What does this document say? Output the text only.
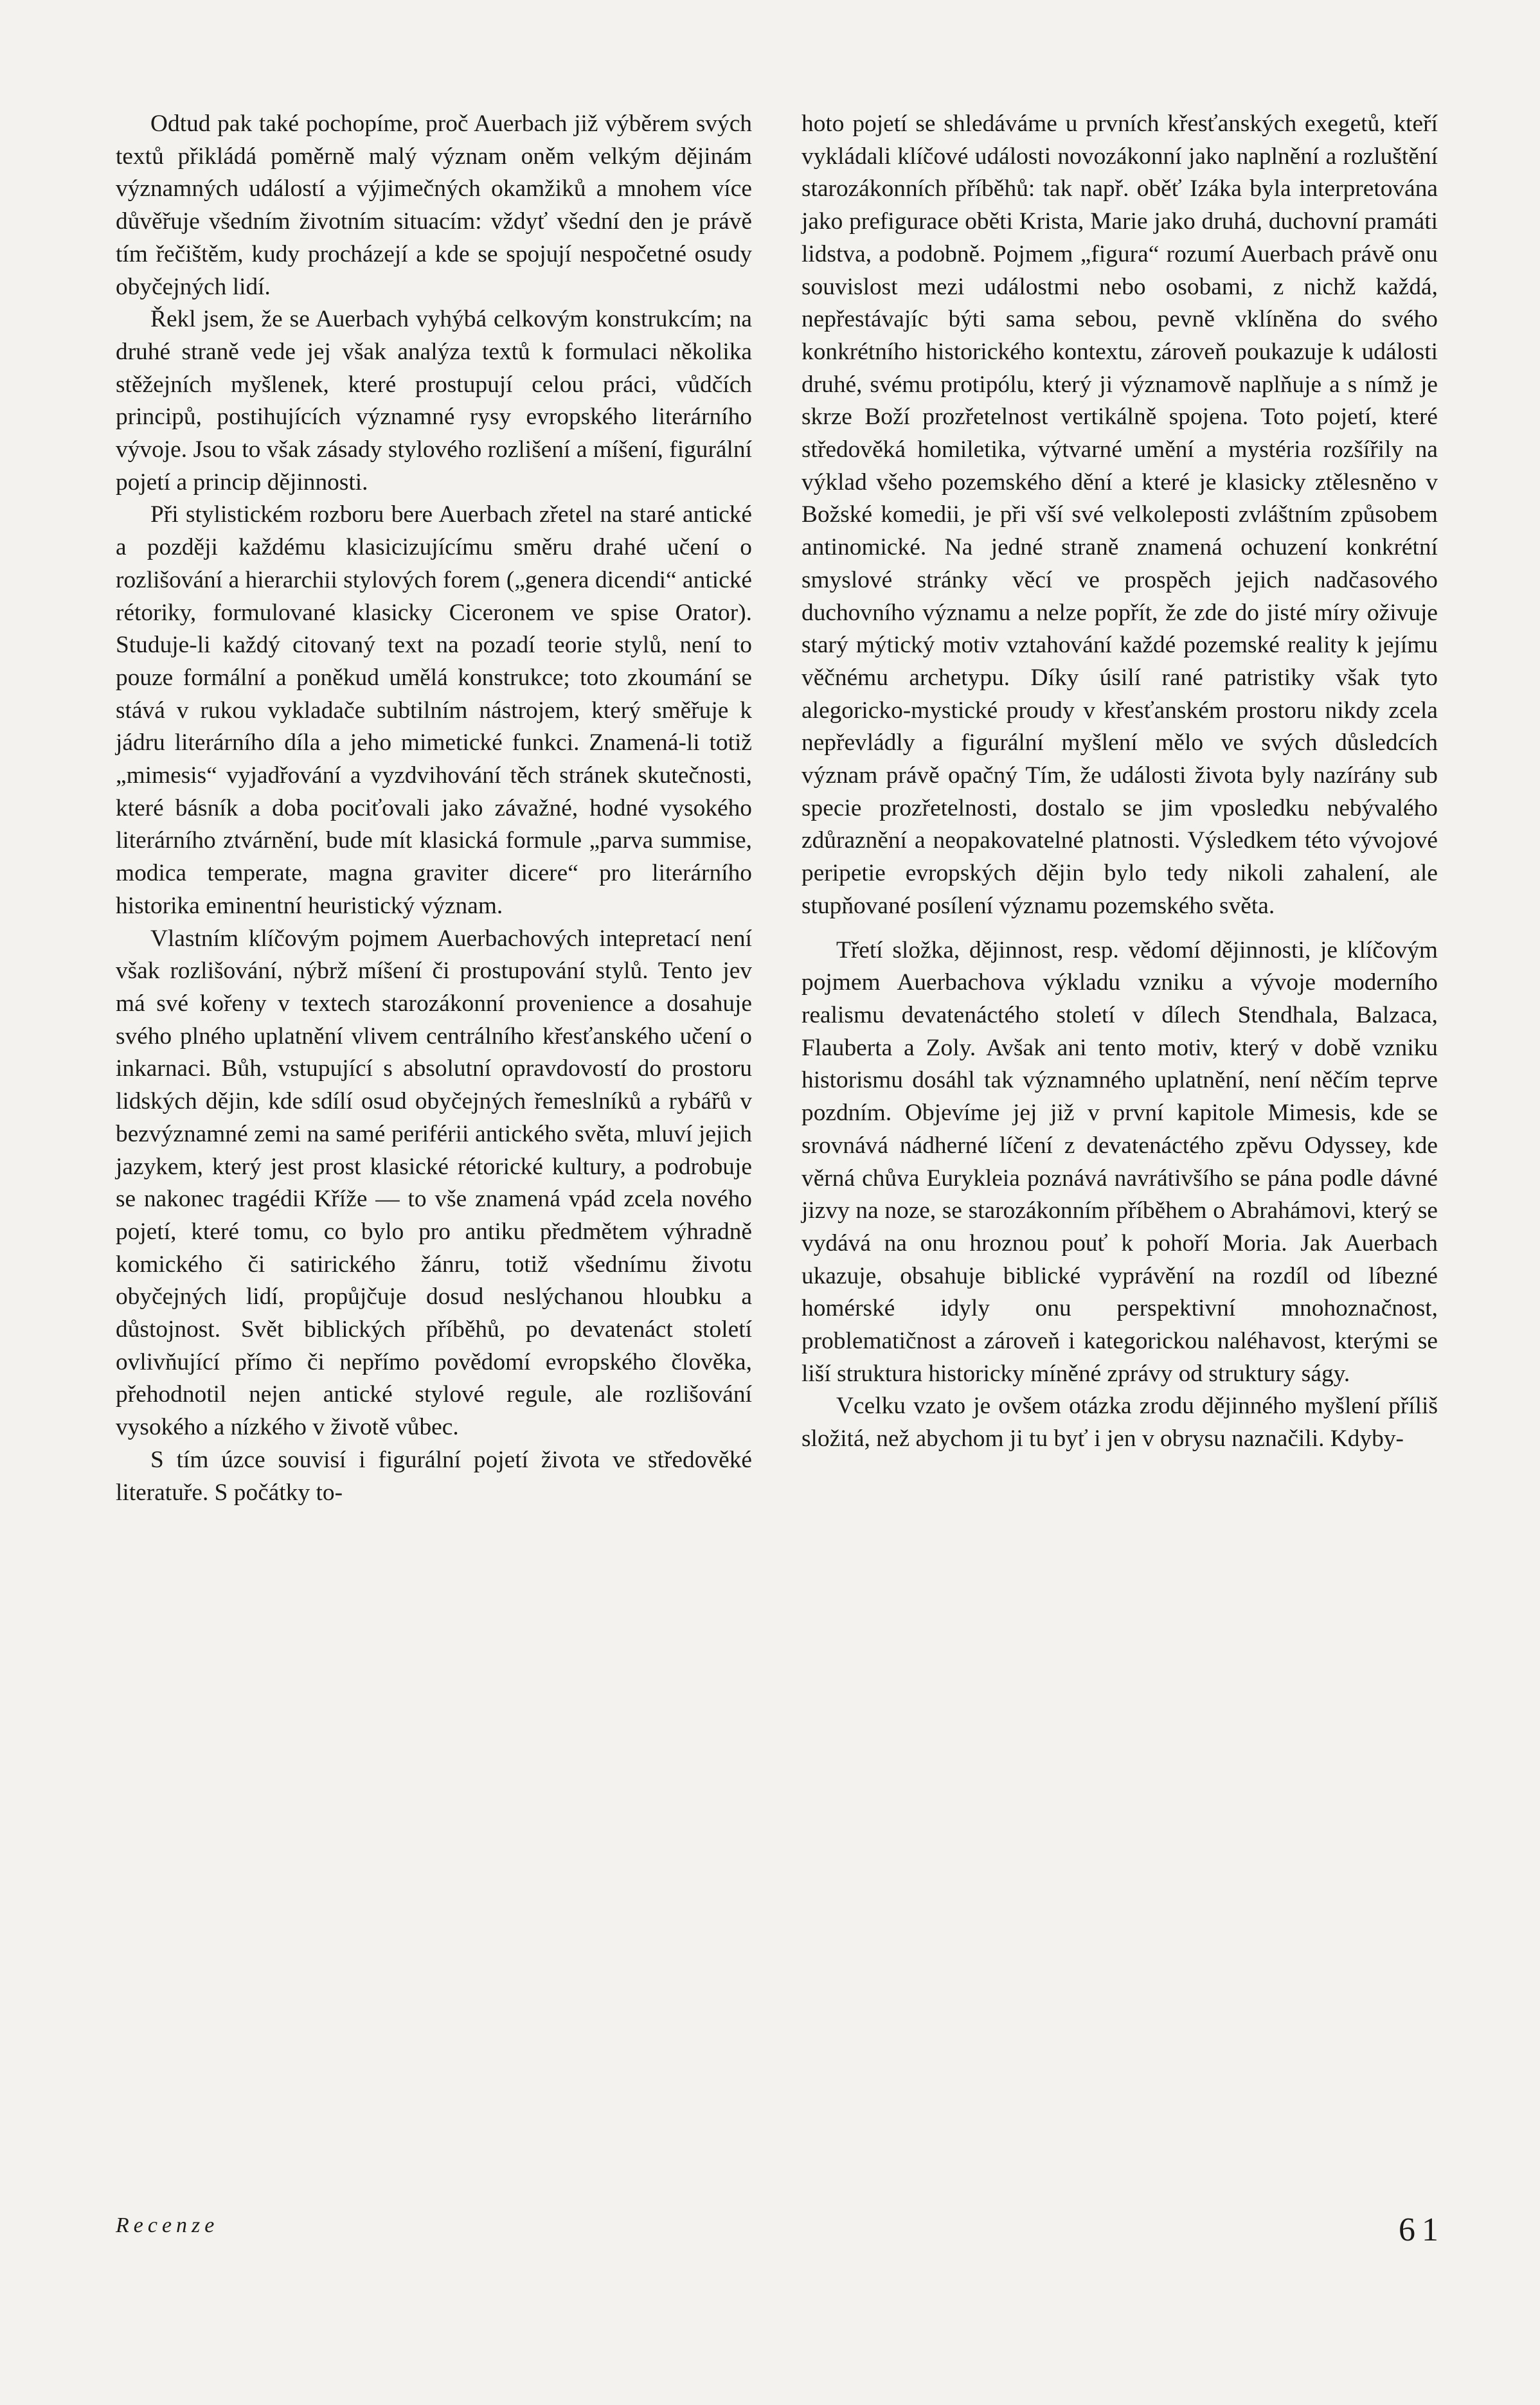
Odtud pak také pochopíme, proč Auerbach již výběrem svých textů přikládá poměrně malý význam oněm velkým dějinám významných událostí a výjimečných okamžiků a mnohem více důvěřuje všedním životním situacím: vždyť všední den je právě tím řečištěm, kudy procházejí a kde se spojují nespočetné osudy obyčejných lidí.

Řekl jsem, že se Auerbach vyhýbá celkovým konstrukcím; na druhé straně vede jej však analýza textů k formulaci několika stěžejních myšlenek, které prostupují celou práci, vůdčích principů, postihujících významné rysy evropského literárního vývoje. Jsou to však zásady stylového rozlišení a míšení, figurální pojetí a princip dějinnosti.

Při stylistickém rozboru bere Auerbach zřetel na staré antické a později každému klasicizujícímu směru drahé učení o rozlišování a hierarchii stylových forem („genera dicendi“ antické rétoriky, formulované klasicky Ciceronem ve spise Orator). Studuje-li každý citovaný text na pozadí teorie stylů, není to pouze formální a poněkud umělá konstrukce; toto zkoumání se stává v rukou vykladače subtilním nástrojem, který směřuje k jádru literárního díla a jeho mimetické funkci. Znamená-li totiž „mimesis“ vyjadřování a vyzdvihování těch stránek skutečnosti, které básník a doba pociťovali jako závažné, hodné vysokého literárního ztvárnění, bude mít klasická formule „parva summise, modica temperate, magna graviter dicere“ pro literárního historika eminentní heuristický význam.

Vlastním klíčovým pojmem Auerbachových intepretací není však rozlišování, nýbrž míšení či prostupování stylů. Tento jev má své kořeny v textech starozákonní provenience a dosahuje svého plného uplatnění vlivem centrálního křesťanského učení o inkarnaci. Bůh, vstupující s absolutní opravdovostí do prostoru lidských dějin, kde sdílí osud obyčejných řemeslníků a rybářů v bezvýznamné zemi na samé periférii antického světa, mluví jejich jazykem, který jest prost klasické rétorické kultury, a podrobuje se nakonec tragédii Kříže — to vše znamená vpád zcela nového pojetí, které tomu, co bylo pro antiku předmětem výhradně komického či satirického žánru, totiž všednímu životu obyčejných lidí, propůjčuje dosud neslýchanou hloubku a důstojnost. Svět biblických příběhů, po devatenáct století ovlivňující přímo či nepřímo povědomí evropského člověka, přehodnotil nejen antické stylové regule, ale rozlišování vysokého a nízkého v životě vůbec.

S tím úzce souvisí i figurální pojetí života ve středověké literatuře. S počátky to-

hoto pojetí se shledáváme u prvních křesťanských exegetů, kteří vykládali klíčové události novozákonní jako naplnění a rozluštění starozákonních příběhů: tak např. oběť Izáka byla interpretována jako prefigurace oběti Krista, Marie jako druhá, duchovní pramáti lidstva, a podobně. Pojmem „figura“ rozumí Auerbach právě onu souvislost mezi událostmi nebo osobami, z nichž každá, nepřestávajíc býti sama sebou, pevně vklíněna do svého konkrétního historického kontextu, zároveň poukazuje k události druhé, svému protipólu, který ji významově naplňuje a s nímž je skrze Boží prozřetelnost vertikálně spojena. Toto pojetí, které středověká homiletika, výtvarné umění a mystéria rozšířily na výklad všeho pozemského dění a které je klasicky ztělesněno v Božské komedii, je při vší své velkoleposti zvláštním způsobem antinomické. Na jedné straně znamená ochuzení konkrétní smyslové stránky věcí ve prospěch jejich nadčasového duchovního významu a nelze popřít, že zde do jisté míry oživuje starý mýtický motiv vztahování každé pozemské reality k jejímu věčnému archetypu. Díky úsilí rané patristiky však tyto alegoricko-mystické proudy v křesťanském prostoru nikdy zcela nepřevládly a figurální myšlení mělo ve svých důsledcích význam právě opačný Tím, že události života byly nazírány sub specie prozřetelnosti, dostalo se jim vposledku nebývalého zdůraznění a neopakovatelné platnosti. Výsledkem této vývojové peripetie evropských dějin bylo tedy nikoli zahalení, ale stupňované posílení významu pozemského světa.

Třetí složka, dějinnost, resp. vědomí dějinnosti, je klíčovým pojmem Auerbachova výkladu vzniku a vývoje moderního realismu devatenáctého století v dílech Stendhala, Balzaca, Flauberta a Zoly. Avšak ani tento motiv, který v době vzniku historismu dosáhl tak významného uplatnění, není něčím teprve pozdním. Objevíme jej již v první kapitole Mimesis, kde se srovnává nádherné líčení z devatenáctého zpěvu Odyssey, kde věrná chůva Eurykleia poznává navrátivšího se pána podle dávné jizvy na noze, se starozákonním příběhem o Abrahámovi, který se vydává na onu hroznou pouť k pohoří Moria. Jak Auerbach ukazuje, obsahuje biblické vyprávění na rozdíl od líbezné homérské idyly onu perspektivní mnohoznačnost, problematičnost a zároveň i kategorickou naléhavost, kterými se liší struktura historicky míněné zprávy od struktury ságy.

Vcelku vzato je ovšem otázka zrodu dějinného myšlení příliš složitá, než abychom ji tu byť i jen v obrysu naznačili. Kdyby-

Recenze	61
